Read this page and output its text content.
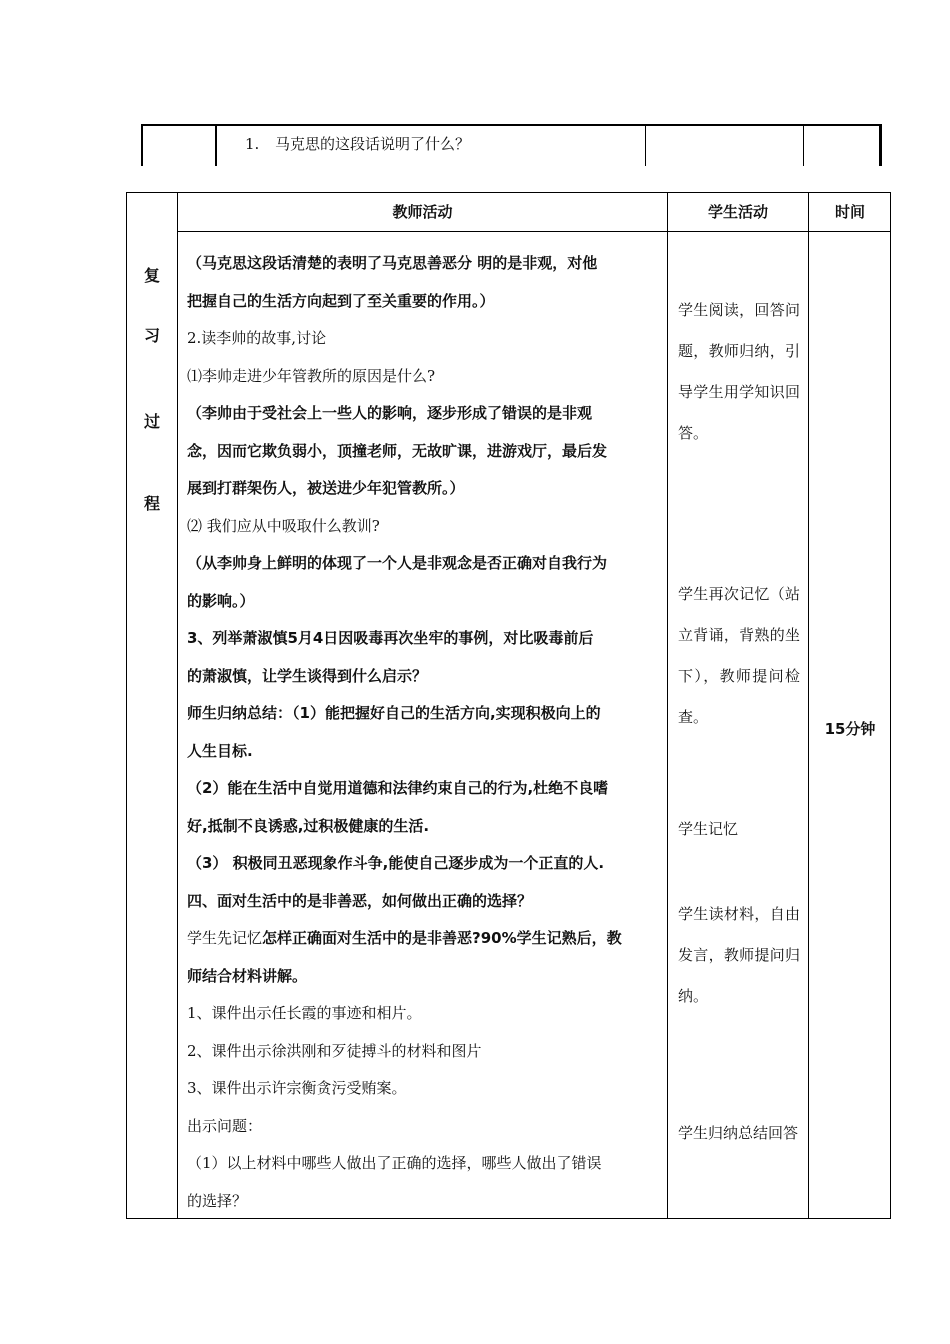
1. 马克思的这段话说明了什么？
教师活动	学生活动	时间
复
习
过
程
（马克思这段话清楚的表明了马克思善恶分 明的是非观，对他
把握自己的生活方向起到了至关重要的作用。）
2.读李帅的故事,讨论
⑴李帅走进少年管教所的原因是什么?
（李帅由于受社会上一些人的影响，逐步形成了错误的是非观
念，因而它欺负弱小，顶撞老师，无故旷课，进游戏厅，最后发
展到打群架伤人，被送进少年犯管教所。）
⑵ 我们应从中吸取什么教训?
（从李帅身上鲜明的体现了一个人是非观念是否正确对自我行为
的影响。）
3、列举萧淑慎5月4日因吸毒再次坐牢的事例，对比吸毒前后
的萧淑慎，让学生谈得到什么启示？
师生归纳总结：（1）能把握好自己的生活方向,实现积极向上的
人生目标.
（2）能在生活中自觉用道德和法律约束自己的行为,杜绝不良嗜
好,抵制不良诱惑,过积极健康的生活.
（3） 积极同丑恶现象作斗争,能使自己逐步成为一个正直的人.
四、面对生活中的是非善恶，如何做出正确的选择？
学生先记忆怎样正确面对生活中的是非善恶?90%学生记熟后，教
师结合材料讲解。
1、课件出示任长霞的事迹和相片。
2、课件出示徐洪刚和歹徒搏斗的材料和图片
3、课件出示许宗衡贪污受贿案。
出示问题：
（1）以上材料中哪些人做出了正确的选择，哪些人做出了错误
的选择？
学生阅读，回答问题，教师归纳，引导学生用学知识回答。
学生再次记忆（站立背诵，背熟的坐下），教师提问检查。
学生记忆
学生读材料，自由发言，教师提问归纳。
学生归纳总结回答
15分钟
